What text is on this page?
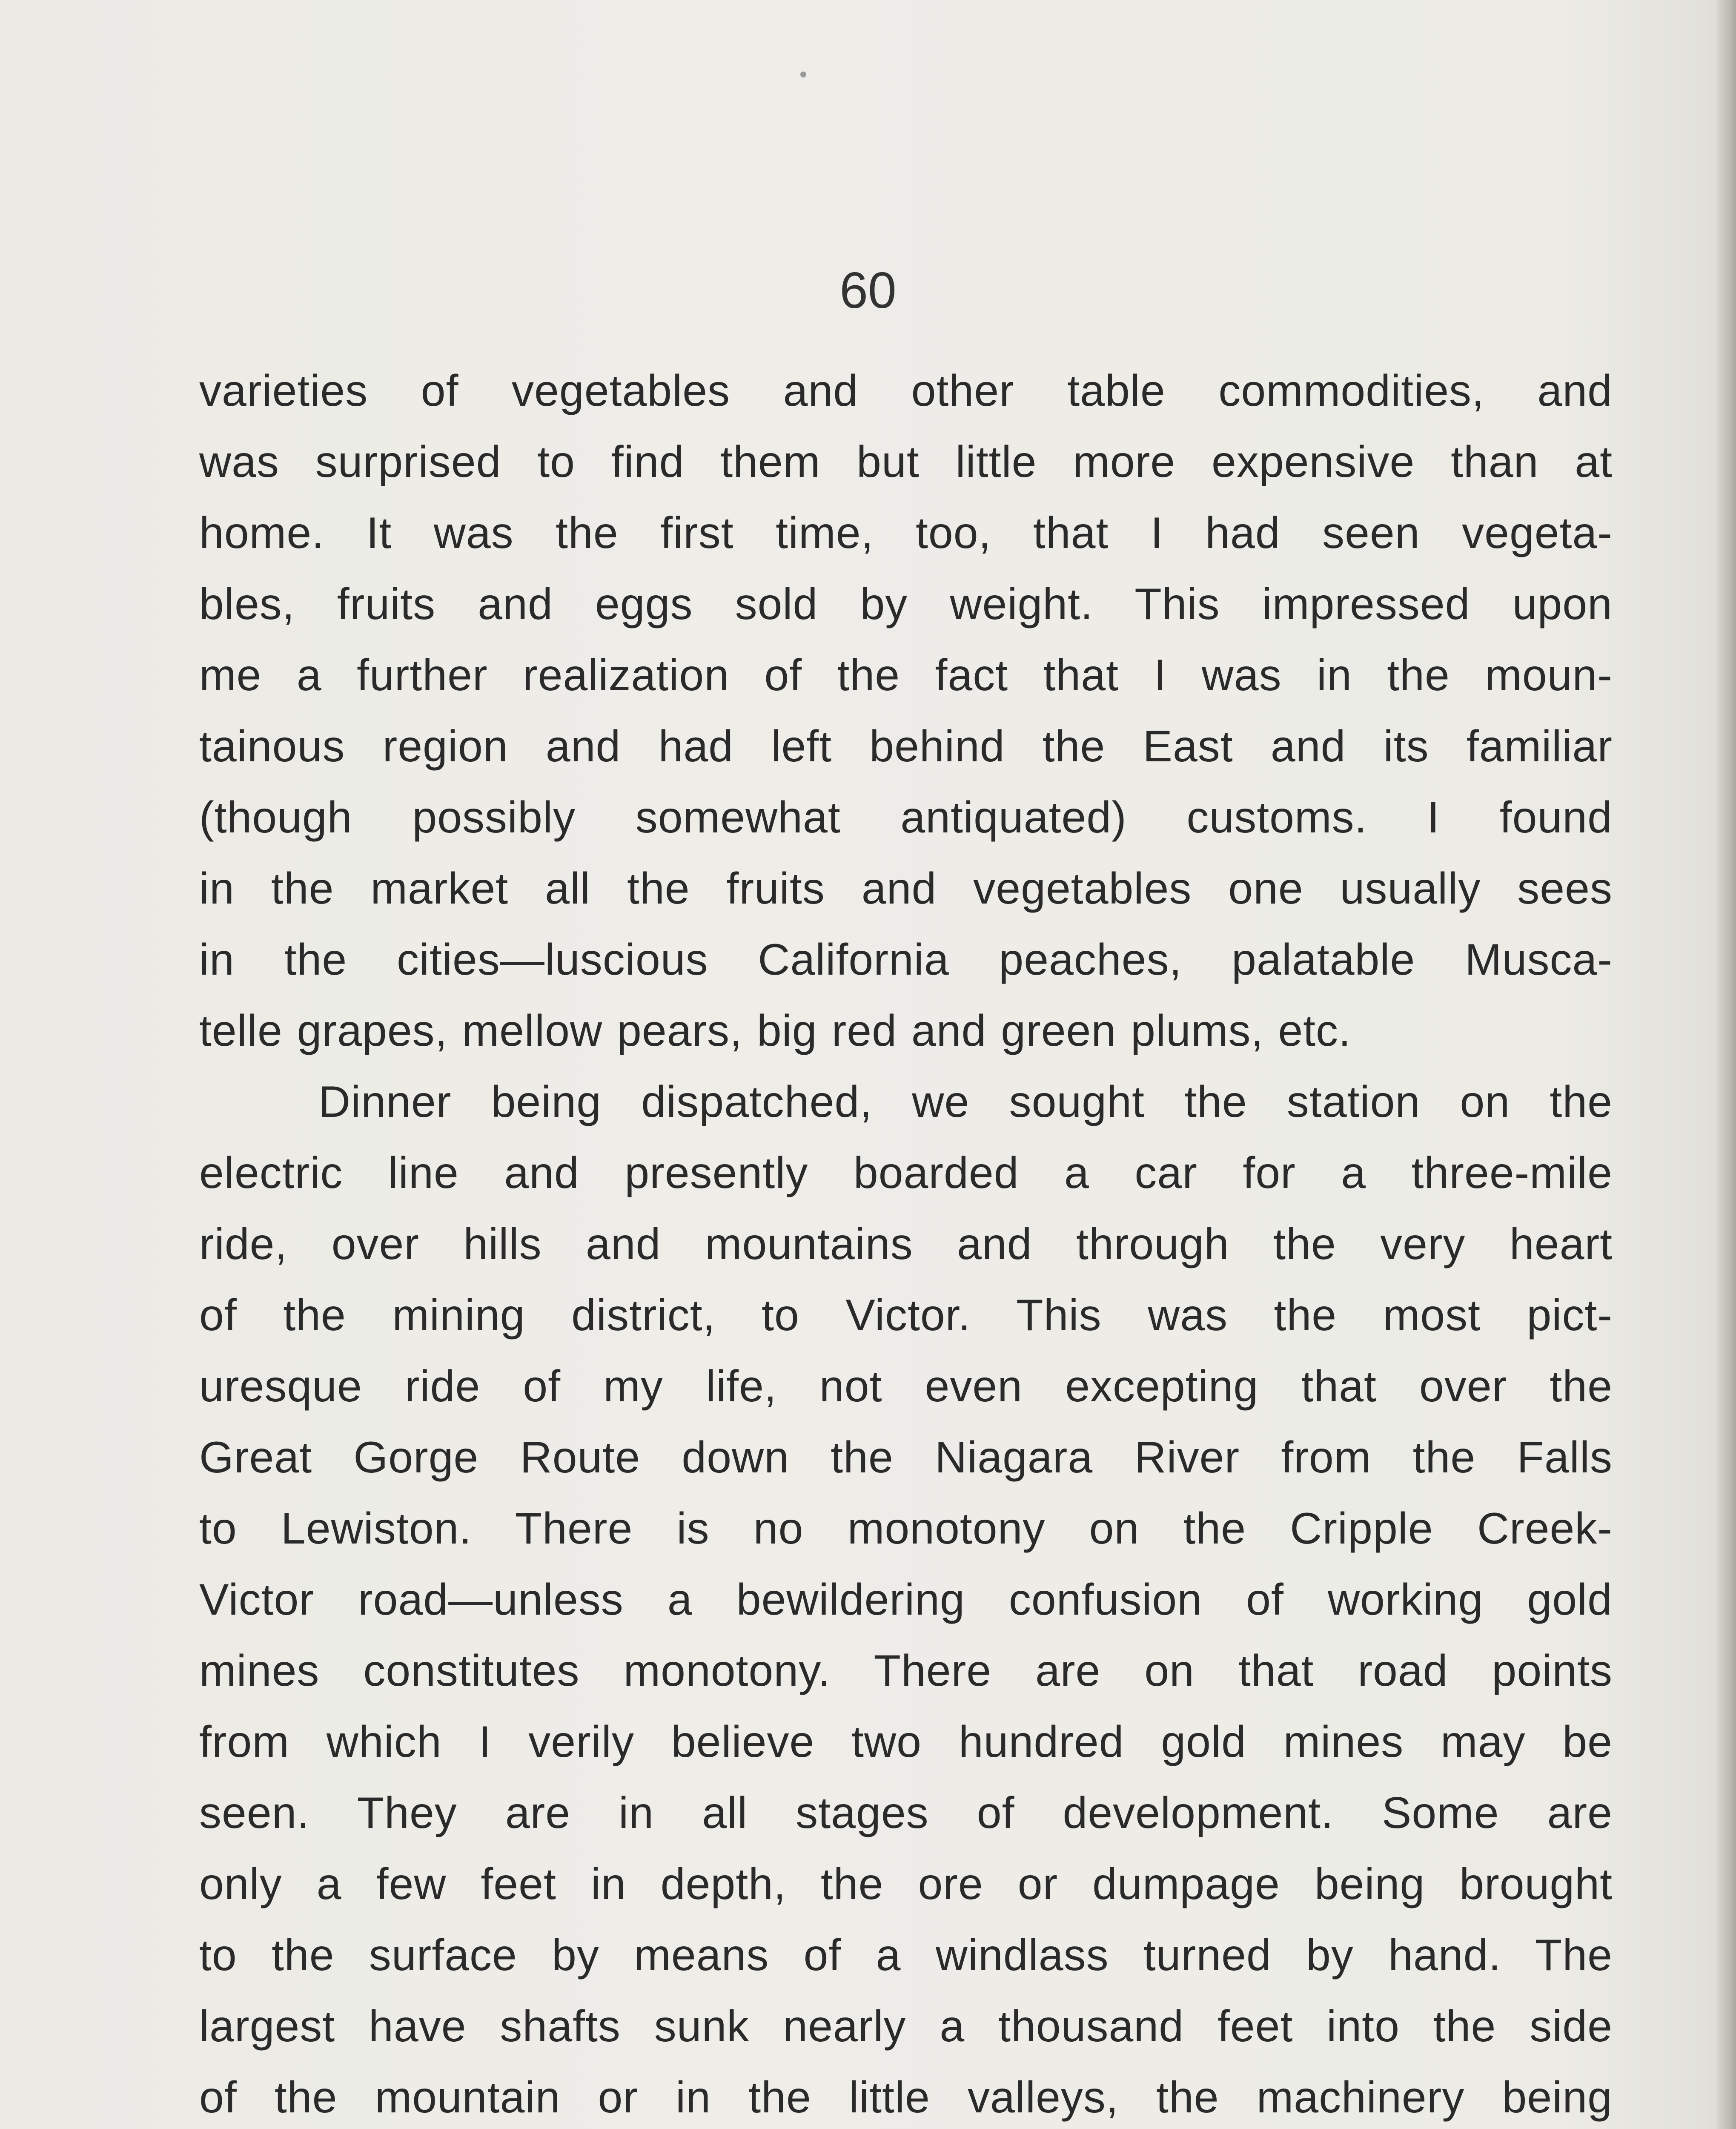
60
varieties of vegetables and other table commodities, and
was surprised to find them but little more expensive than at
home. It was the first time, too, that I had seen vegeta-
bles, fruits and eggs sold by weight. This impressed upon
me a further realization of the fact that I was in the moun-
tainous region and had left behind the East and its familiar
(though possibly somewhat antiquated) customs. I found
in the market all the fruits and vegetables one usually sees
in the cities—luscious California peaches, palatable Musca-
telle grapes, mellow pears, big red and green plums, etc.
Dinner being dispatched, we sought the station on the
electric line and presently boarded a car for a three-mile
ride, over hills and mountains and through the very heart
of the mining district, to Victor. This was the most pict-
uresque ride of my life, not even excepting that over the
Great Gorge Route down the Niagara River from the Falls
to Lewiston. There is no monotony on the Cripple Creek-
Victor road—unless a bewildering confusion of working gold
mines constitutes monotony. There are on that road points
from which I verily believe two hundred gold mines may be
seen. They are in all stages of development. Some are
only a few feet in depth, the ore or dumpage being brought
to the surface by means of a windlass turned by hand. The
largest have shafts sunk nearly a thousand feet into the side
of the mountain or in the little valleys, the machinery being
